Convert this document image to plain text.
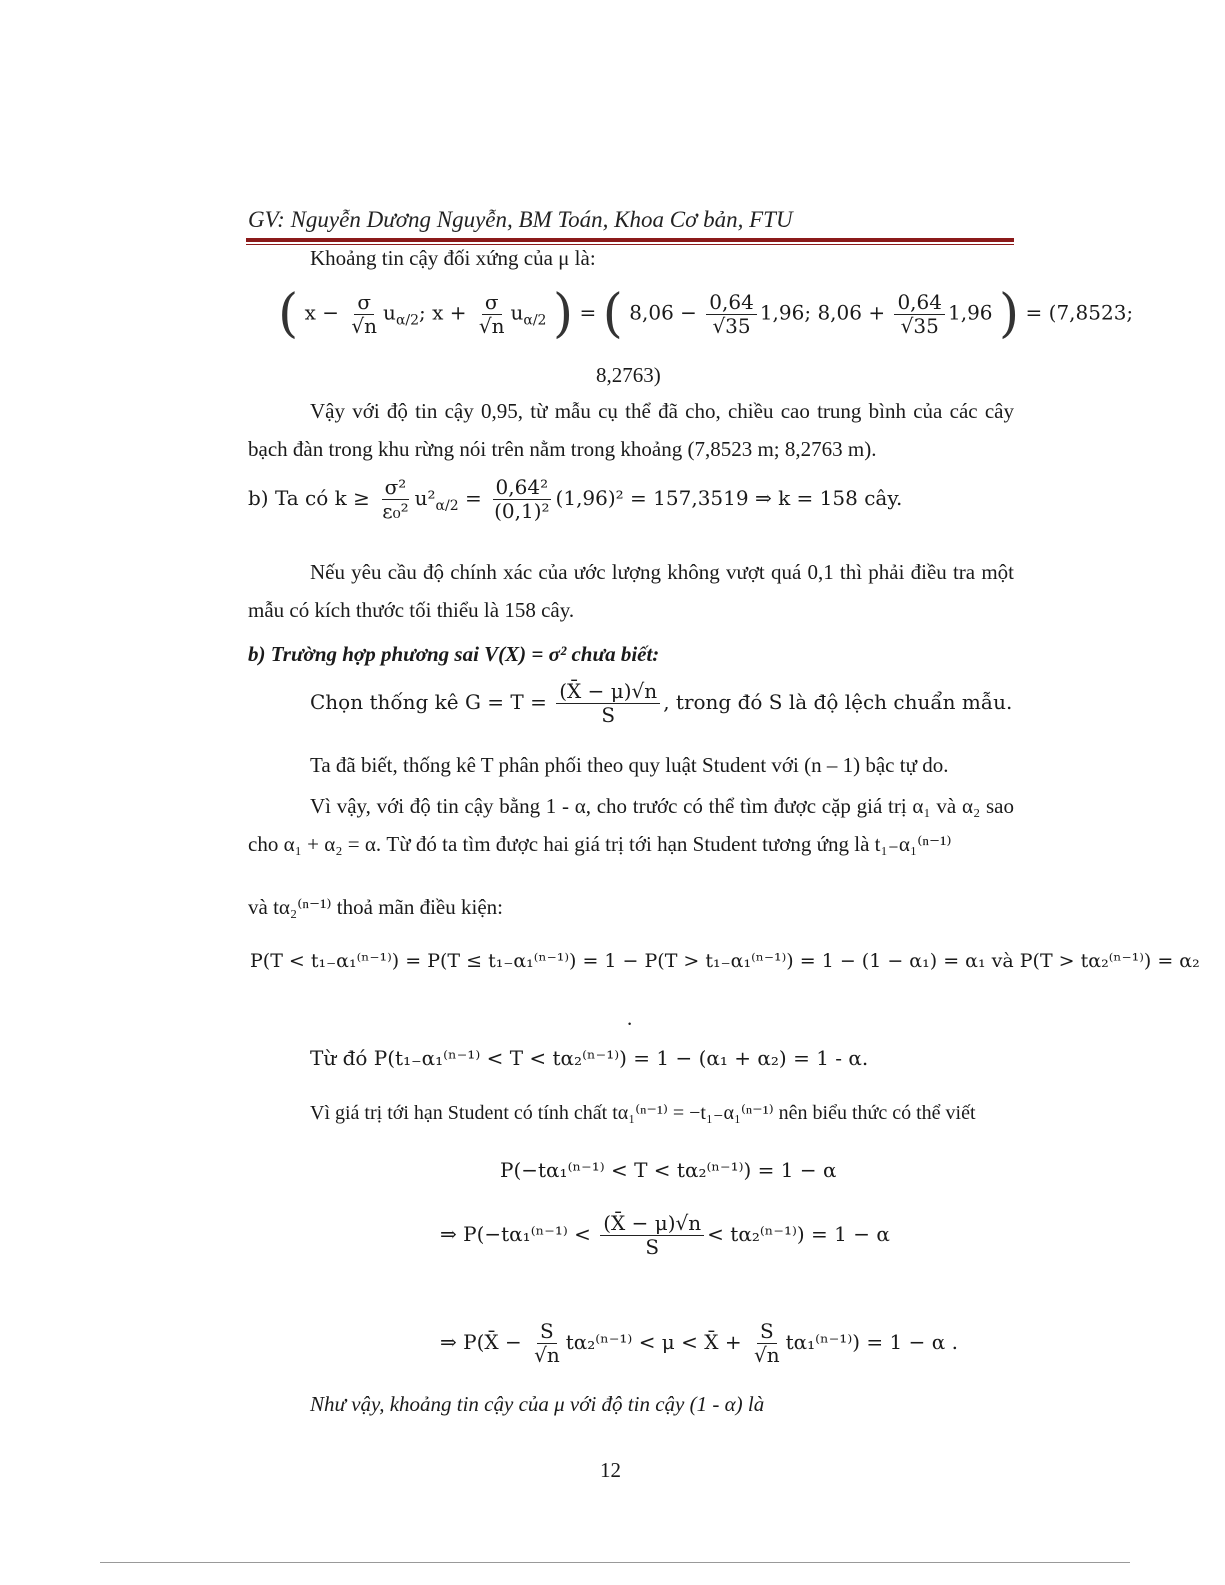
GV: Nguyễn Dương Nguyễn, BM Toán, Khoa Cơ bản, FTU
Khoảng tin cậy đối xứng của μ là:
( $x - \frac{\sigma}{√n} u_{\alpha/2}$; $x + \frac{\sigma}{√n} u_{\alpha/2}$ ) = ( $8,06 - \frac{0,64}{√35} 1,96$; $8,06 + \frac{0,64}{√35} 1,96$ ) = (7,8523;
8,2763)
Vậy với độ tin cậy 0,95, từ mẫu cụ thể đã cho, chiều cao trung bình của các cây bạch đàn trong khu rừng nói trên nằm trong khoảng (7,8523 m; 8,2763 m).
b) Ta có $k \ge \frac{\text{σ²}}{\text{ε₀²}} u^2_{\alpha/2} = \frac{\text{0,64²}}{\text{(0,1)²}} (1,96)^2 = 157,3519$ ⇒ k = 158 cây.
Nếu yêu cầu độ chính xác của ước lượng không vượt quá 0,1 thì phải điều tra một mẫu có kích thước tối thiểu là 158 cây.
b) Trường hợp phương sai V(X) = σ² chưa biết:
Chọn thống kê $G = T = \frac{(X̄ - \mu)√n}{S}$ , trong đó S là độ lệch chuẩn mẫu.
Ta đã biết, thống kê T phân phối theo quy luật Student với (n – 1) bậc tự do.
Vì vậy, với độ tin cậy bằng 1 - α, cho trước có thể tìm được cặp giá trị α₁ và α₂ sao cho α₁ + α₂ = α. Từ đó ta tìm được hai giá trị tới hạn Student tương ứng là t₁₋α₁⁽ⁿ⁻¹⁾
và tα₂⁽ⁿ⁻¹⁾ thoả mãn điều kiện:
P(T < t₁₋α₁⁽ⁿ⁻¹⁾) = P(T ≤ t₁₋α₁⁽ⁿ⁻¹⁾) = 1 − P(T > t₁₋α₁⁽ⁿ⁻¹⁾) = 1 − (1 − α₁) = α₁ và P(T > tα₂⁽ⁿ⁻¹⁾) = α₂
.
Từ đó P(t₁₋α₁⁽ⁿ⁻¹⁾ < T < tα₂⁽ⁿ⁻¹⁾) = 1 − (α₁ + α₂) = 1 - α.
Vì giá trị tới hạn Student có tính chất tα₁⁽ⁿ⁻¹⁾ = −t₁₋α₁⁽ⁿ⁻¹⁾ nên biểu thức có thể viết
P(−tα₁⁽ⁿ⁻¹⁾ < T < tα₂⁽ⁿ⁻¹⁾) = 1 − α
⇒ $P(-t\alpha_1^{(n-1)} < \frac{(X̄ - \mu)√n}{S} < t\alpha_2^{(n-1)}) = 1 - \alpha$
⇒ P(X̄ − $\frac{S}{√n} t\alpha_2^{(n-1)} < \mu$ < X̄ + $\frac{S}{√n} t\alpha_1^{(n-1)}) = 1 - \alpha$ .
Như vậy, khoảng tin cậy của μ với độ tin cậy (1 - α) là
12
